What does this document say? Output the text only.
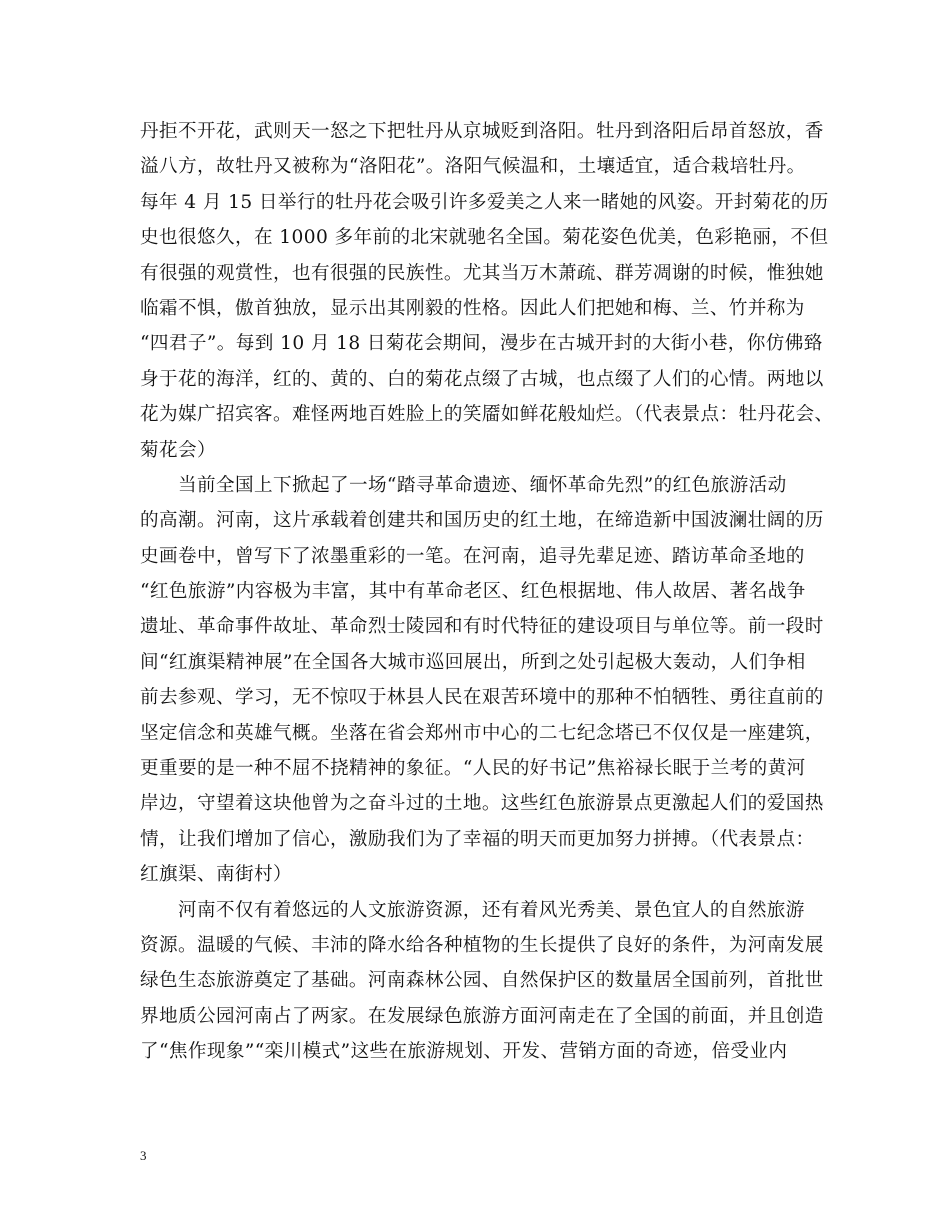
丹拒不开花，武则天一怒之下把牡丹从京城贬到洛阳。牡丹到洛阳后昂首怒放，香
溢八方，故牡丹又被称为“洛阳花”。洛阳气候温和，土壤适宜，适合栽培牡丹。
每年 4 月 15 日举行的牡丹花会吸引许多爱美之人来一睹她的风姿。开封菊花的历
史也很悠久，在 1000 多年前的北宋就驰名全国。菊花姿色优美，色彩艳丽，不但
有很强的观赏性，也有很强的民族性。尤其当万木萧疏、群芳凋谢的时候，惟独她
临霜不惧，傲首独放，显示出其刚毅的性格。因此人们把她和梅、兰、竹并称为
“四君子”。每到 10 月 18 日菊花会期间，漫步在古城开封的大街小巷，你仿佛臵
身于花的海洋，红的、黄的、白的菊花点缀了古城，也点缀了人们的心情。两地以
花为媒广招宾客。难怪两地百姓脸上的笑靥如鲜花般灿烂。（代表景点：牡丹花会、
菊花会）
当前全国上下掀起了一场“踏寻革命遗迹、缅怀革命先烈”的红色旅游活动
的高潮。河南，这片承载着创建共和国历史的红土地，在缔造新中国波澜壮阔的历
史画卷中，曾写下了浓墨重彩的一笔。在河南，追寻先辈足迹、踏访革命圣地的
“红色旅游”内容极为丰富，其中有革命老区、红色根据地、伟人故居、著名战争
遗址、革命事件故址、革命烈士陵园和有时代特征的建设项目与单位等。前一段时
间“红旗渠精神展”在全国各大城市巡回展出，所到之处引起极大轰动，人们争相
前去参观、学习，无不惊叹于林县人民在艰苦环境中的那种不怕牺牲、勇往直前的
坚定信念和英雄气概。坐落在省会郑州市中心的二七纪念塔已不仅仅是一座建筑，
更重要的是一种不屈不挠精神的象征。“人民的好书记”焦裕禄长眠于兰考的黄河
岸边，守望着这块他曾为之奋斗过的土地。这些红色旅游景点更激起人们的爱国热
情，让我们增加了信心，激励我们为了幸福的明天而更加努力拼搏。（代表景点：
红旗渠、南街村）
河南不仅有着悠远的人文旅游资源，还有着风光秀美、景色宜人的自然旅游
资源。温暖的气候、丰沛的降水给各种植物的生长提供了良好的条件，为河南发展
绿色生态旅游奠定了基础。河南森林公园、自然保护区的数量居全国前列，首批世
界地质公园河南占了两家。在发展绿色旅游方面河南走在了全国的前面，并且创造
了“焦作现象”“栾川模式”这些在旅游规划、开发、营销方面的奇迹，倍受业内
3
